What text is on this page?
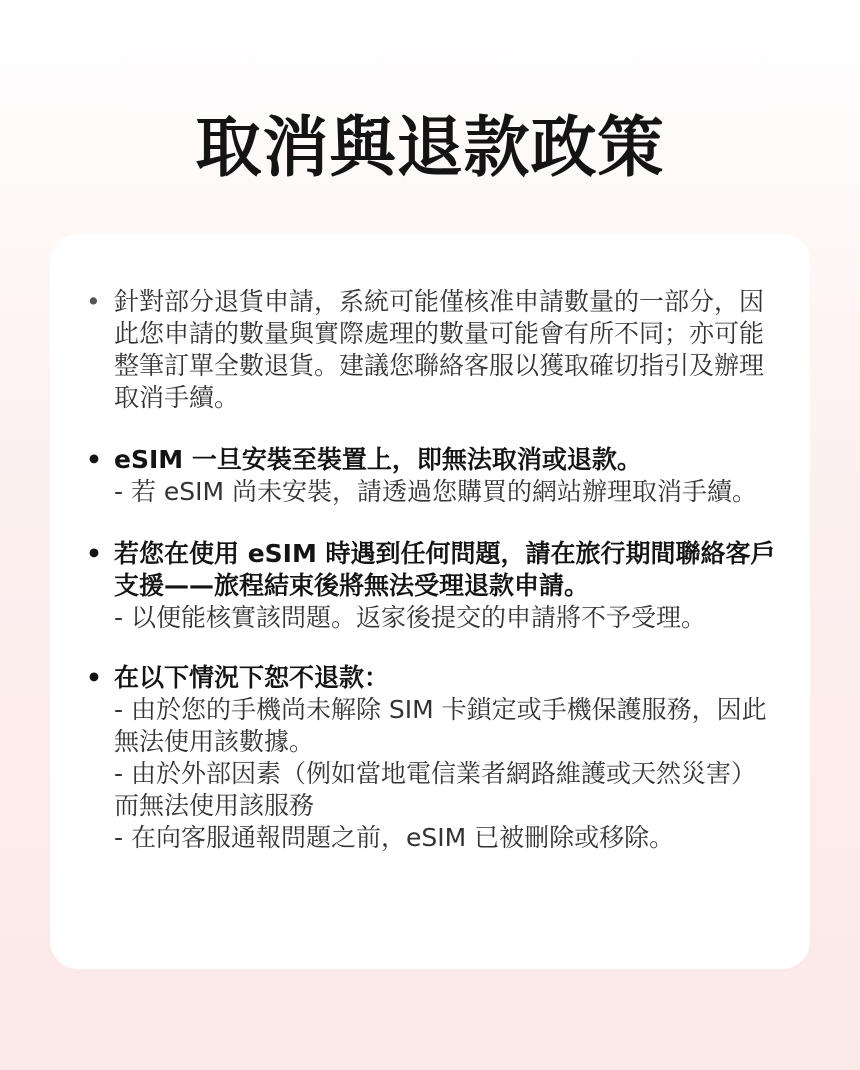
取消與退款政策
• 針對部分退貨申請，系統可能僅核准申請數量的一部分，因此您申請的數量與實際處理的數量可能會有所不同；亦可能整筆訂單全數退貨。建議您聯絡客服以獲取確切指引及辦理取消手續。
• eSIM 一旦安裝至裝置上，即無法取消或退款。
- 若 eSIM 尚未安裝，請透過您購買的網站辦理取消手續。
• 若您在使用 eSIM 時遇到任何問題，請在旅行期間聯絡客戶支援——旅程結束後將無法受理退款申請。
- 以便能核實該問題。返家後提交的申請將不予受理。
• 在以下情況下恕不退款：
- 由於您的手機尚未解除 SIM 卡鎖定或手機保護服務，因此無法使用該數據。
- 由於外部因素（例如當地電信業者網路維護或天然災害）而無法使用該服務
- 在向客服通報問題之前，eSIM 已被刪除或移除。
